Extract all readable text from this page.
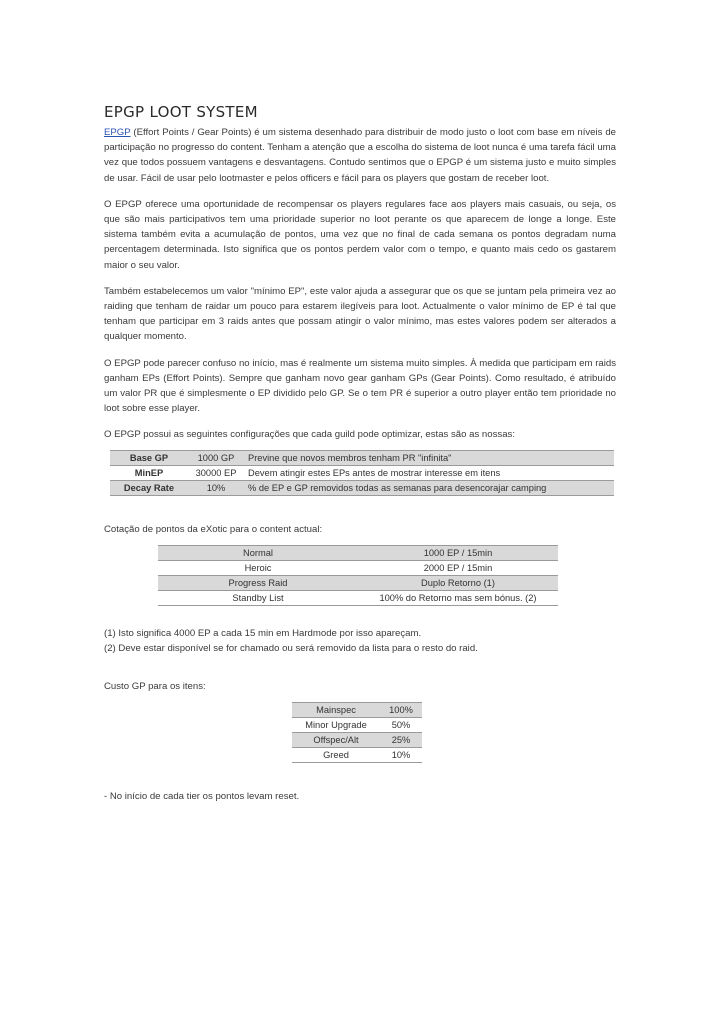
EPGP LOOT SYSTEM

EPGP (Effort Points / Gear Points) é um sistema desenhado para distribuir de modo justo o loot com base em níveis de participação no progresso do content. Tenham a atenção que a escolha do sistema de loot nunca é uma tarefa fácil uma vez que todos possuem vantagens e desvantagens. Contudo sentimos que o EPGP é um sistema justo e muito simples de usar. Fácil de usar pelo lootmaster e pelos officers e fácil para os players que gostam de receber loot.

O EPGP oferece uma oportunidade de recompensar os players regulares face aos players mais casuais, ou seja, os que são mais participativos tem uma prioridade superior no loot perante os que aparecem de longe a longe. Este sistema também evita a acumulação de pontos, uma vez que no final de cada semana os pontos degradam numa percentagem determinada. Isto significa que os pontos perdem valor com o tempo, e quanto mais cedo os gastarem maior o seu valor.

Também estabelecemos um valor "mínimo EP", este valor ajuda a assegurar que os que se juntam pela primeira vez ao raiding que tenham de raidar um pouco para estarem ilegíveis para loot. Actualmente o valor mínimo de EP é tal que tenham que participar em 3 raids antes que possam atingir o valor mínimo, mas estes valores podem ser alterados a qualquer momento.

O EPGP pode parecer confuso no início, mas é realmente um sistema muito simples. À medida que participam em raids ganham EPs (Effort Points). Sempre que ganham novo gear ganham GPs (Gear Points). Como resultado, é atribuído um valor PR que é simplesmente o EP dividido pelo GP. Se o tem PR é superior a outro player então tem prioridade no loot sobre esse player.

O EPGP possui as seguintes configurações que cada guild pode optimizar, estas são as nossas:

Base GP	1000 GP	Previne que novos membros tenham PR "infinita"
MinEP	30000 EP	Devem atingir estes EPs antes de mostrar interesse em itens
Decay Rate	10%	% de EP e GP removidos todas as semanas para desencorajar camping

Cotação de pontos da eXotic para o content actual:

Normal	1000 EP / 15min
Heroic	2000 EP / 15min
Progress Raid	Duplo Retorno (1)
Standby List	100% do Retorno mas sem bónus. (2)

(1) Isto significa 4000 EP a cada 15 min em Hardmode por isso apareçam.

(2) Deve estar disponível se for chamado ou será removido da lista para o resto do raid.

Custo GP para os itens:

Mainspec	100%
Minor Upgrade	50%
Offspec/Alt	25%
Greed	10%

- No início de cada tier os pontos levam reset.
